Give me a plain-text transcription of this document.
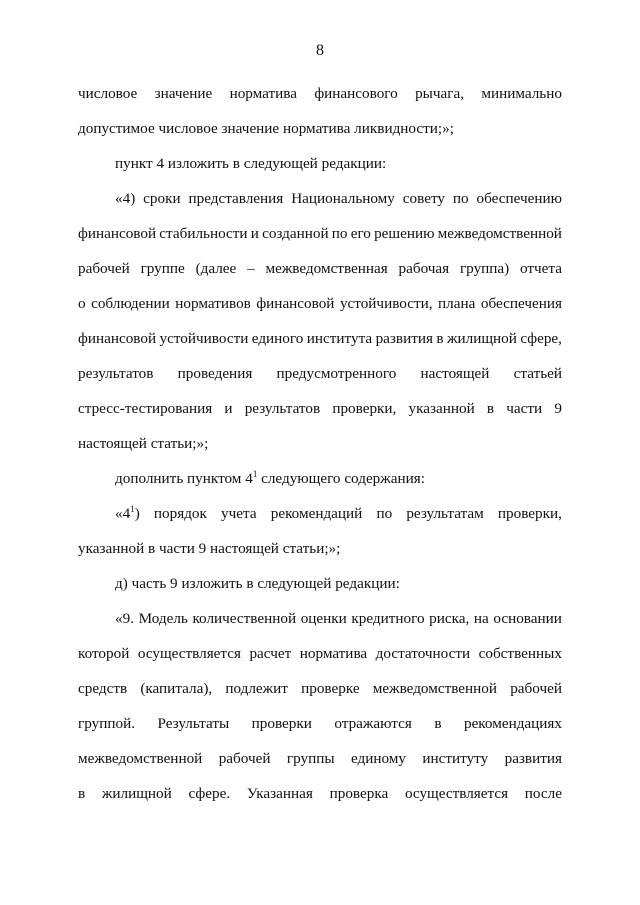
8
числовое значение норматива финансового рычага, минимально
допустимое числовое значение норматива ликвидности;»;
пункт 4 изложить в следующей редакции:
«4) сроки представления Национальному совету по обеспечению
финансовой стабильности и созданной по его решению межведомственной
рабочей группе (далее – межведомственная рабочая группа) отчета
о соблюдении нормативов финансовой устойчивости, плана обеспечения
финансовой устойчивости единого института развития в жилищной сфере,
результатов проведения предусмотренного настоящей статьей
стресс-тестирования и результатов проверки, указанной в части 9
настоящей статьи;»;
дополнить пунктом $4^1$ следующего содержания:
«$4^1$) порядок учета рекомендаций по результатам проверки,
указанной в части 9 настоящей статьи;»;
д) часть 9 изложить в следующей редакции:
«9. Модель количественной оценки кредитного риска, на основании
которой осуществляется расчет норматива достаточности собственных
средств (капитала), подлежит проверке межведомственной рабочей
группой. Результаты проверки отражаются в рекомендациях
межведомственной рабочей группы единому институту развития
в жилищной сфере. Указанная проверка осуществляется после
